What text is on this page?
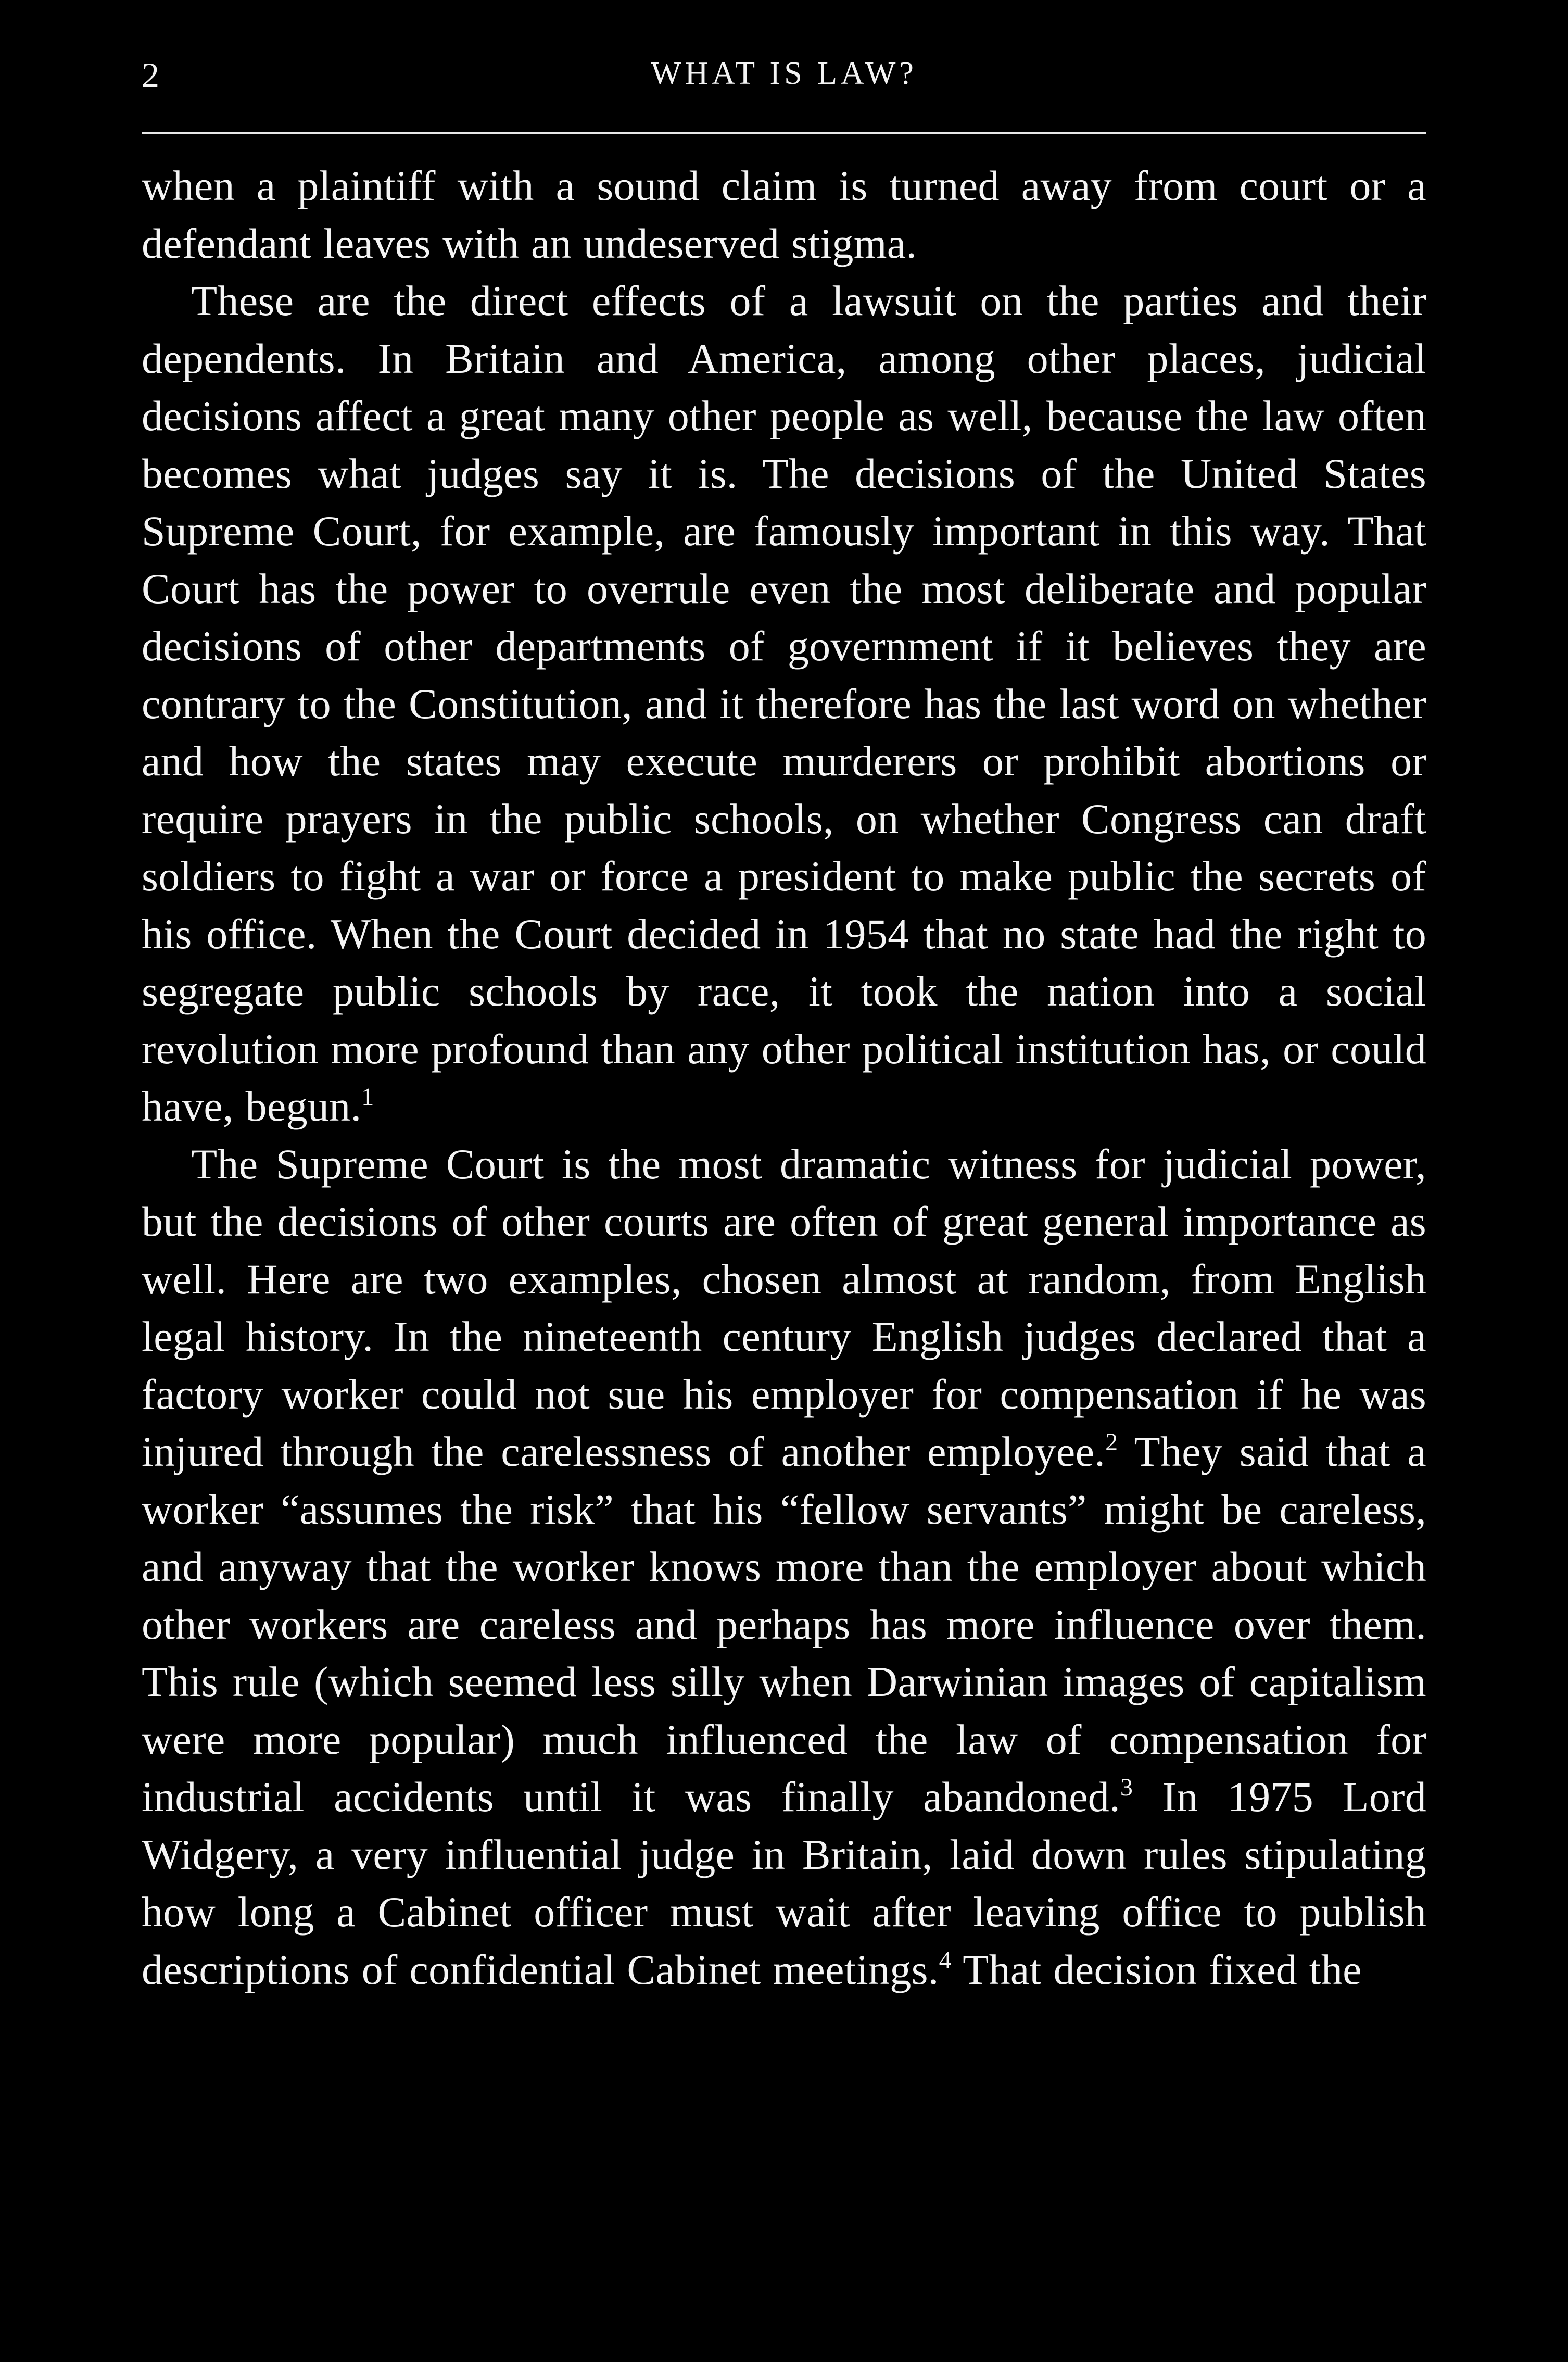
2	WHAT IS LAW?

when a plaintiff with a sound claim is turned away from court or a defendant leaves with an undeserved stigma.

These are the direct effects of a lawsuit on the parties and their dependents. In Britain and America, among other places, judicial decisions affect a great many other people as well, because the law often becomes what judges say it is. The decisions of the United States Supreme Court, for example, are famously important in this way. That Court has the power to overrule even the most deliberate and popular decisions of other departments of government if it believes they are contrary to the Constitution, and it therefore has the last word on whether and how the states may execute murderers or prohibit abortions or require prayers in the public schools, on whether Congress can draft soldiers to fight a war or force a president to make public the secrets of his office. When the Court decided in 1954 that no state had the right to segregate public schools by race, it took the nation into a social revolution more profound than any other political institution has, or could have, begun.$^1$

The Supreme Court is the most dramatic witness for judicial power, but the decisions of other courts are often of great general importance as well. Here are two examples, chosen almost at random, from English legal history. In the nineteenth century English judges declared that a factory worker could not sue his employer for compensation if he was injured through the carelessness of another employee.$^2$ They said that a worker “assumes the risk” that his “fellow servants” might be careless, and anyway that the worker knows more than the employer about which other workers are careless and perhaps has more influence over them. This rule (which seemed less silly when Darwinian images of capitalism were more popular) much influenced the law of compensation for industrial accidents until it was finally abandoned.$^3$ In 1975 Lord Widgery, a very influential judge in Britain, laid down rules stipulating how long a Cabinet officer must wait after leaving office to publish descriptions of confidential Cabinet meetings.$^4$ That decision fixed the
